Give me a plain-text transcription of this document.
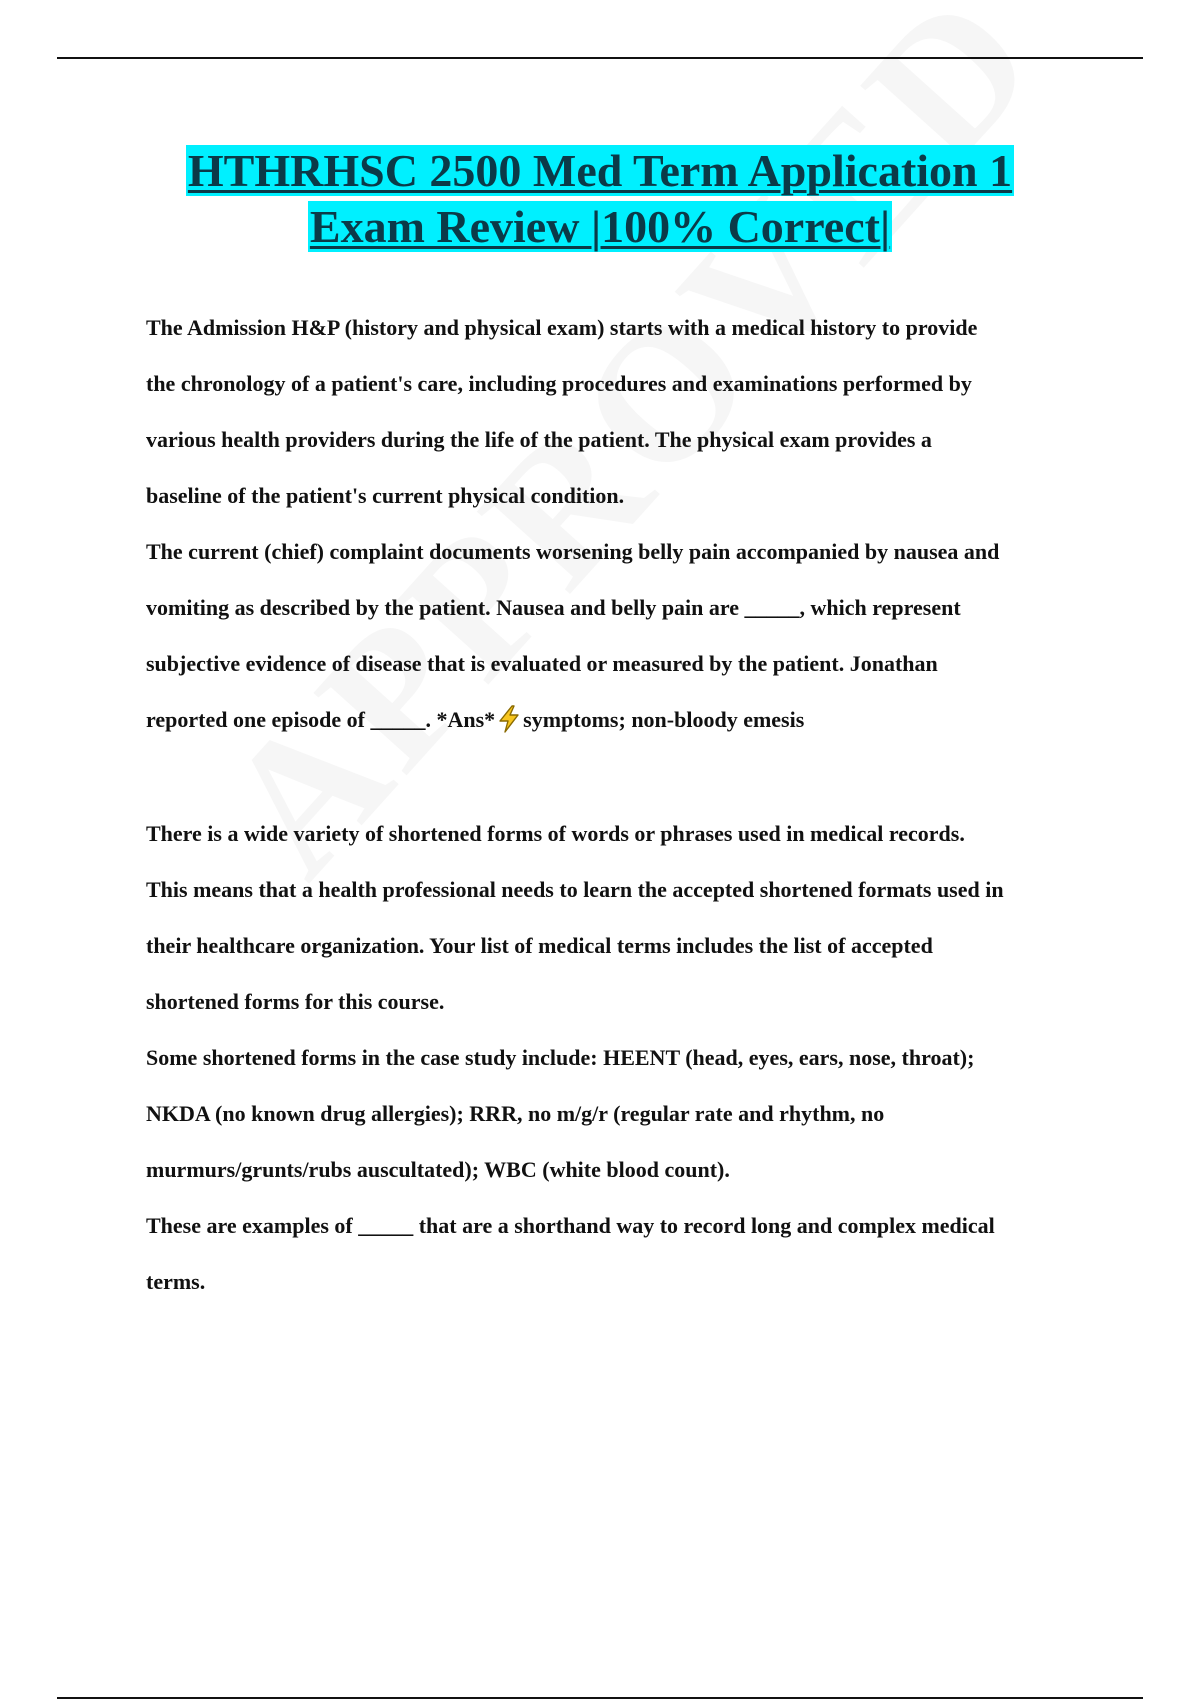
HTHRHSC 2500 Med Term Application 1
Exam Review |100% Correct|

The Admission H&P (history and physical exam) starts with a medical history to provide
the chronology of a patient's care, including procedures and examinations performed by
various health providers during the life of the patient. The physical exam provides a
baseline of the patient's current physical condition.

The current (chief) complaint documents worsening belly pain accompanied by nausea and
vomiting as described by the patient. Nausea and belly pain are _____, which represent
subjective evidence of disease that is evaluated or measured by the patient. Jonathan
reported one episode of _____. *Ans* symptoms; non-bloody emesis

There is a wide variety of shortened forms of words or phrases used in medical records.
This means that a health professional needs to learn the accepted shortened formats used in
their healthcare organization. Your list of medical terms includes the list of accepted
shortened forms for this course.

Some shortened forms in the case study include: HEENT (head, eyes, ears, nose, throat);
NKDA (no known drug allergies); RRR, no m/g/r (regular rate and rhythm, no
murmurs/grunts/rubs auscultated); WBC (white blood count).

These are examples of _____ that are a shorthand way to record long and complex medical
terms.
